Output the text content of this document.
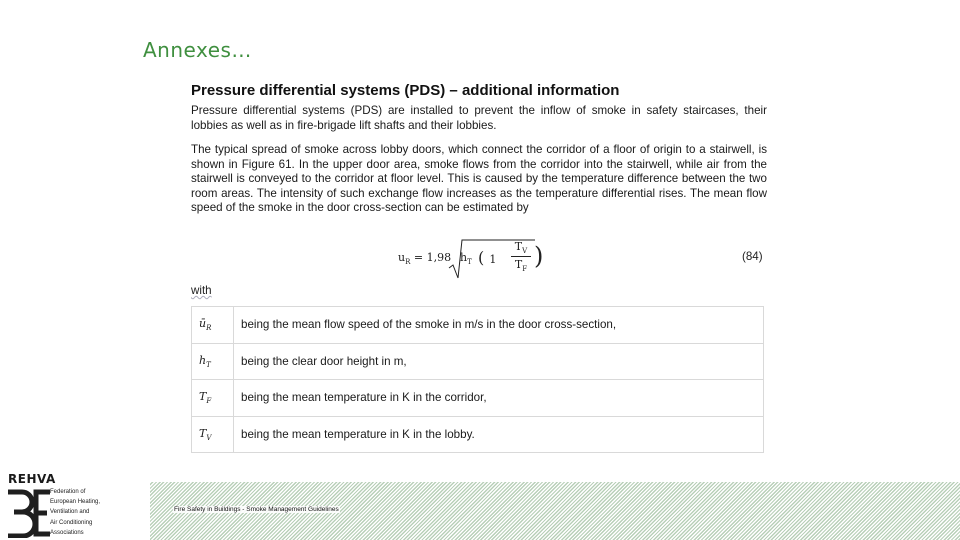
Annexes…
Pressure differential systems (PDS) – additional information

Pressure differential systems (PDS) are installed to prevent the inflow of smoke in safety staircases, their lobbies as well as in fire-brigade lift shafts and their lobbies.

The typical spread of smoke across lobby doors, which connect the corridor of a floor of origin to a stairwell, is shown in Figure 61. In the upper door area, smoke flows from the corridor into the stairwell, while air from the stairwell is conveyed to the corridor at floor level. This is caused by the temperature difference between the two room areas. The intensity of such exchange flow increases as the temperature differential rises. The mean flow speed of the smoke in the door cross-section can be estimated by

$u_R = 1,98$ $h_T$ ( 1
$T_V$
$T_F$ )	(84)
with
$ū_R$	being the mean flow speed of the smoke in m/s in the door cross-section,
$h_T$	being the clear door height in m,
$T_F$	being the mean temperature in K in the corridor,
$T_V$	being the mean temperature in K in the lobby.
Fire Safety in Buildings - Smoke Management Guidelines
REHVA
Federation of
European Heating,
Ventilation and
Air Conditioning
Associations
